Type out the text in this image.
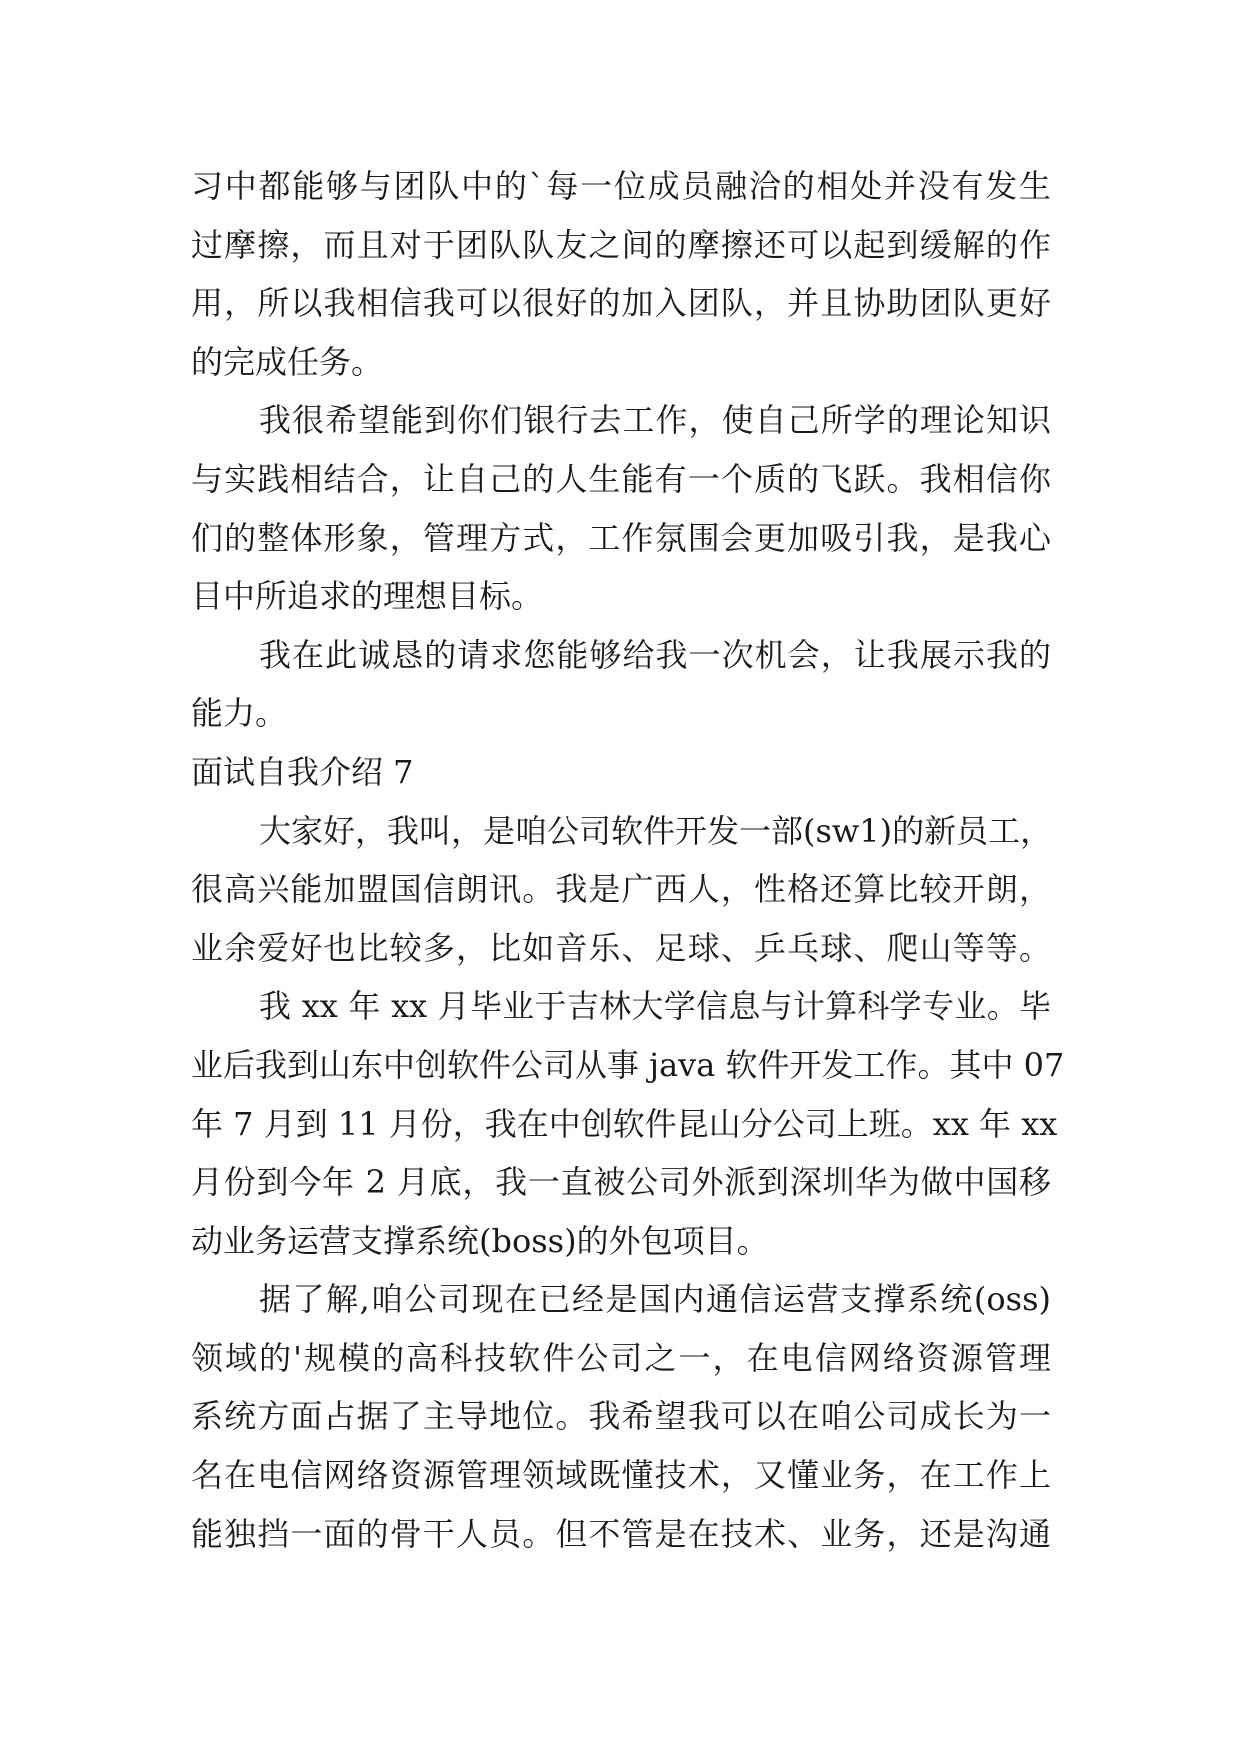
习中都能够与团队中的`每一位成员融洽的相处并没有发生
过摩擦，而且对于团队队友之间的摩擦还可以起到缓解的作
用，所以我相信我可以很好的加入团队，并且协助团队更好
的完成任务。
我很希望能到你们银行去工作，使自己所学的理论知识
与实践相结合，让自己的人生能有一个质的飞跃。我相信你
们的整体形象，管理方式，工作氛围会更加吸引我，是我心
目中所追求的理想目标。
我在此诚恳的请求您能够给我一次机会，让我展示我的
能力。
面试自我介绍 7
大家好，我叫，是咱公司软件开发一部(sw1)的新员工，
很高兴能加盟国信朗讯。我是广西人，性格还算比较开朗，
业余爱好也比较多，比如音乐、足球、乒乓球、爬山等等。
我 xx 年 xx 月毕业于吉林大学信息与计算科学专业。毕
业后我到山东中创软件公司从事 java 软件开发工作。其中 07
年 7 月到 11 月份，我在中创软件昆山分公司上班。xx 年 xx
月份到今年 2 月底，我一直被公司外派到深圳华为做中国移
动业务运营支撑系统(boss)的外包项目。
据了解,咱公司现在已经是国内通信运营支撑系统(oss)
领域的'规模的高科技软件公司之一，在电信网络资源管理
系统方面占据了主导地位。我希望我可以在咱公司成长为一
名在电信网络资源管理领域既懂技术，又懂业务，在工作上
能独挡一面的骨干人员。但不管是在技术、业务，还是沟通
